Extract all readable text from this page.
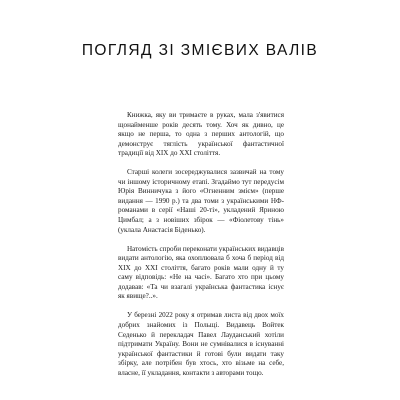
ПОГЛЯД ЗІ ЗМІЄВИХ ВАЛІВ

Книжка, яку ви тримаєте в руках, мала з'явитися щонайменше років десять тому. Хоч як дивно, це якщо не перша, то одна з перших антологій, що демонструє тяглість української фантастичної традиції від ХІХ до ХХІ століття.

Старші колеги зосереджувалися зазвичай на тому чи іншому історичному етапі. Згадаймо тут передусім Юрія Винничука з його «Огненним змієм» (перше видання — 1990 р.) та два томи з українськими НФ-романами в серії «Наші 20-ті», укладений Яриною Цимбал; а з новіших збірок — «Фіолетову тінь» (уклала Анастасія Біденько).

Натомість спроби переконати українських видавців видати антологію, яка охоплювала б хоча б період від ХІХ до ХХІ століття, багато років мали одну й ту саму відповідь: «Не на часі». Багато хто при цьому додавав: «Та чи взагалі українська фантастика існує як явище?..».

У березні 2022 року я отримав листа від двох моїх добрих знайомих із Польщі. Видавець Войтек Седенько й перекладач Павел Лауданський хотіли підтримати Україну. Вони не сумнівалися в існуванні української фантастики й готові були видати таку збірку, але потрібен був хтось, хто візьме на себе, власне, її укладання, контакти з авторами тощо.
